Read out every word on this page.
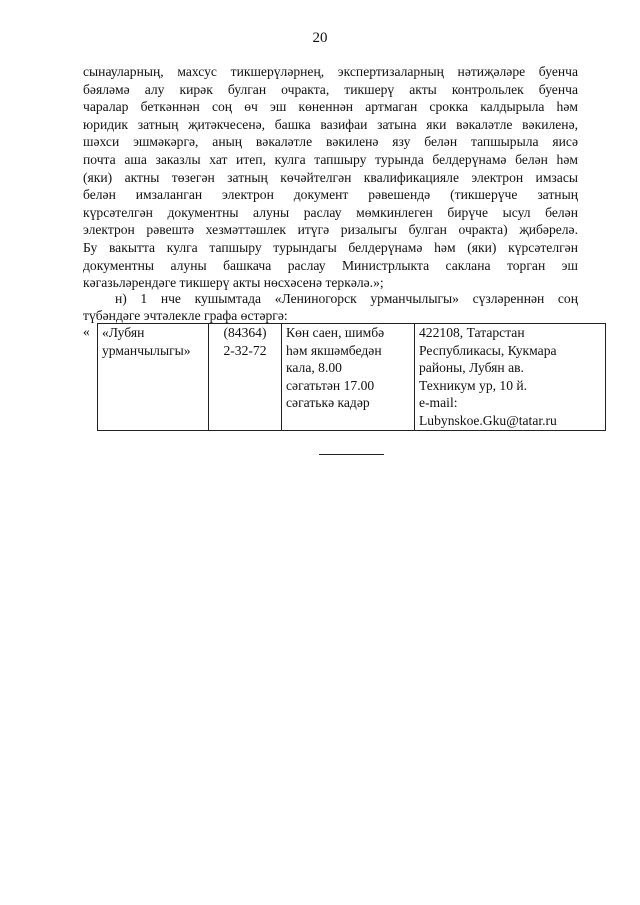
20
сынауларның, махсус тикшерүләрнең, экспертизаларның нәтиҗәләре буенча
бәяләмә алу кирәк булган очракта, тикшерү акты контрольлек буенча
чаралар беткәннән соң өч эш көненнән артмаган срокка калдырыла һәм
юридик затның җитәкчесенә, башка вазифаи затына яки вәкаләтле вәкиленә,
шәхси эшмәкәргә, аның вәкаләтле вәкиленә язу белән тапшырыла яисә
почта аша заказлы хат итеп, кулга тапшыру турында белдерүнамә белән һәм
(яки) актны төзегән затның көчәйтелгән квалификацияле электрон имзасы
белән имзаланган электрон документ рәвешендә (тикшерүче затның
күрсәтелгән документны алуны раслау мөмкинлеген бирүче ысул белән
электрон рәвештә хезмәттәшлек итүгә ризалыгы булган очракта) җибәрелә.
Бу вакытта кулга тапшыру турындагы белдерүнамә һәм (яки) күрсәтелгән
документны алуны башкача раслау Министрлыкта саклана торган эш
кәгазьләрендәге тикшерү акты нөсхәсенә теркәлә.»;
н) 1 нче кушымтада «Лениногорск урманчылыгы» сүзләреннән соң
түбәндәге эчтәлекле графа өстәргә:
« «Лубян
урманчылыгы»

(84364)
2-32-72

Көн саен, шимбә
һәм якшәмбедән
кала, 8.00
сәгатьтән 17.00
сәгатькә кадәр

422108, Татарстан
Республикасы, Кукмара
районы, Лубян ав.
Техникум ур, 10 й.
e-mail:
Lubynskoe.Gku@tatar.ru
